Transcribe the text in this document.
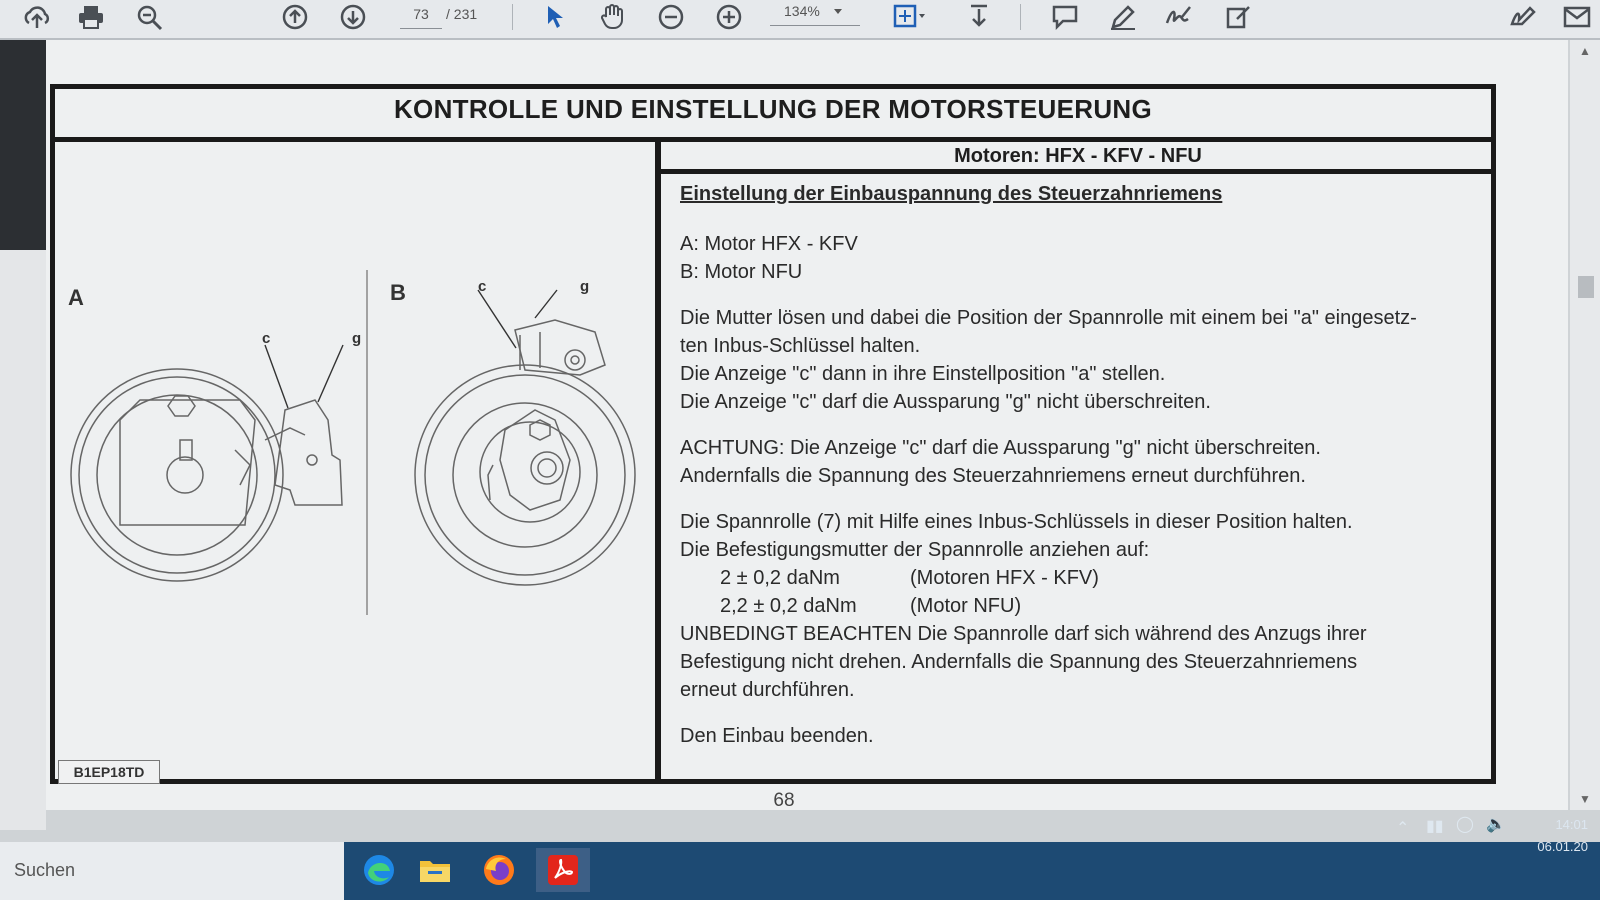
73	/ 231	134%
KONTROLLE UND EINSTELLUNG DER MOTORSTEUERUNG
Motoren: HFX - KFV - NFU
A	B
c	g
c	g
B1EP18TD

Einstellung der Einbauspannung des Steuerzahnriemens

A: Motor HFX - KFV

B: Motor NFU

Die Mutter lösen und dabei die Position der Spannrolle mit einem bei "a" eingesetz-

ten Inbus-Schlüssel halten.

Die Anzeige "c" dann in ihre Einstellposition "a" stellen.

Die Anzeige "c" darf die Aussparung "g" nicht überschreiten.

ACHTUNG: Die Anzeige "c" darf die Aussparung "g" nicht überschreiten.

Andernfalls die Spannung des Steuerzahnriemens erneut durchführen.

Die Spannrolle (7) mit Hilfe eines Inbus-Schlüssels in dieser Position halten.

Die Befestigungsmutter der Spannrolle anziehen auf:

2 ± 0,2 daNm	(Motoren HFX - KFV)

2,2 ± 0,2 daNm	(Motor NFU)

UNBEDINGT BEACHTEN Die Spannrolle darf sich während des Anzugs ihrer

Befestigung nicht drehen. Andernfalls die Spannung des Steuerzahnriemens

erneut durchführen.

Den Einbau beenden.

68
▲
▼
Suchen
⌃ ▮▮ ◯ 🔈	14:01
06.01.20
